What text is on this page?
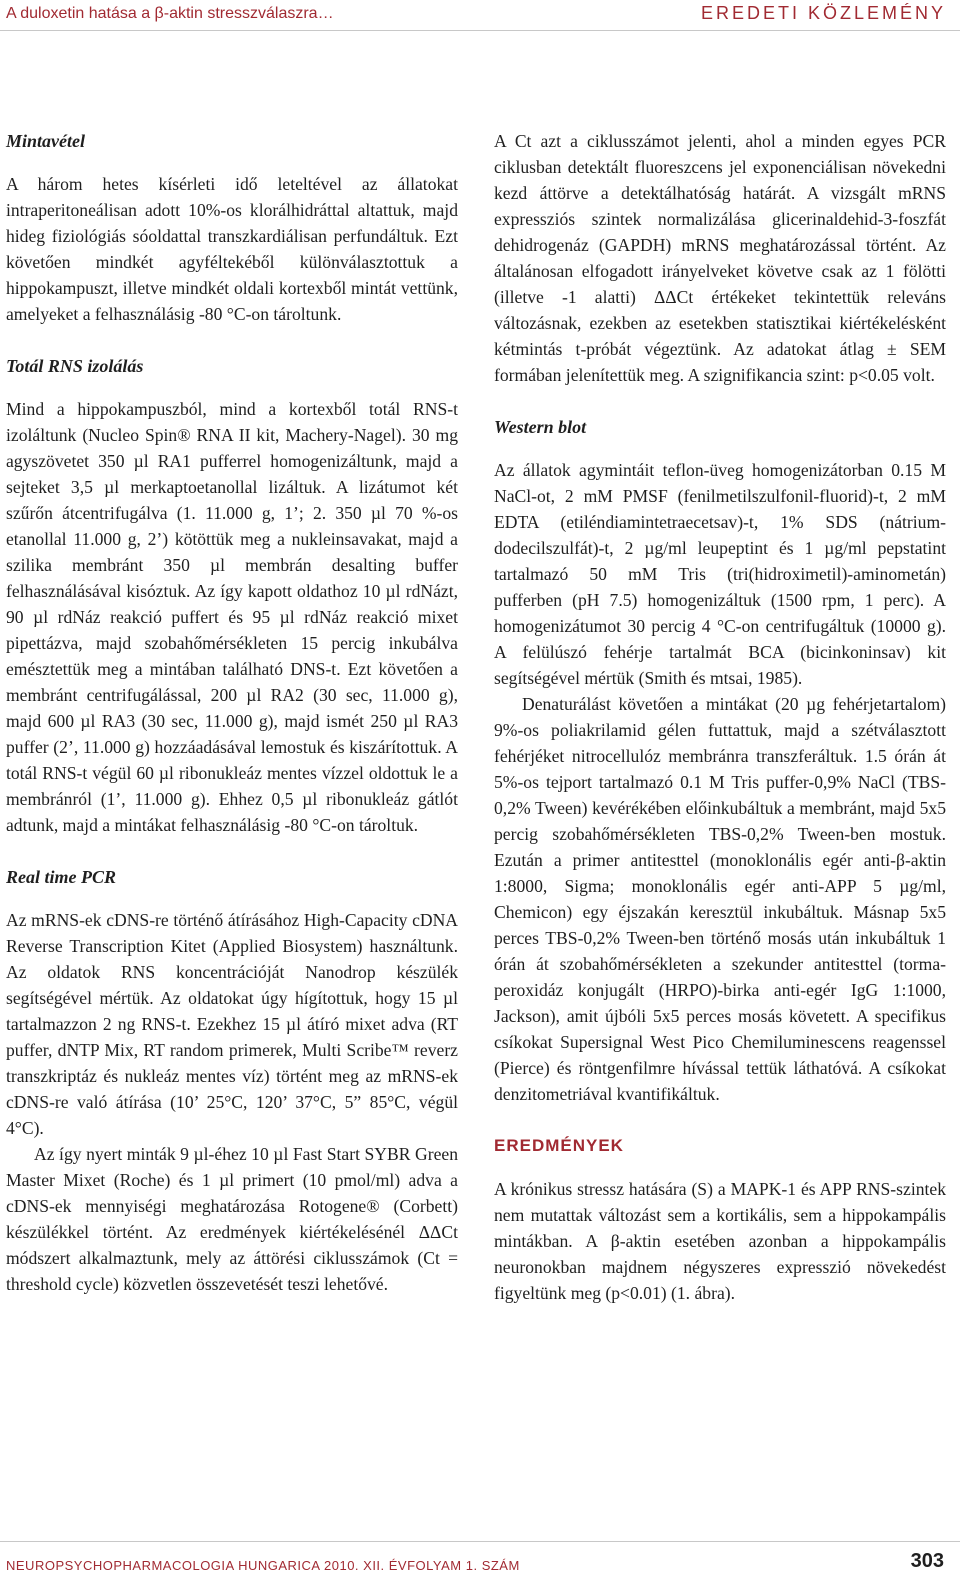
A duloxetin hatása a β-aktin stresszválaszra…	EREDETI KÖZLEMÉNY

Mintavétel

A három hetes kísérleti idő leteltével az állatokat intraperitoneálisan adott 10%-os klorálhidráttal altattuk, majd hideg fiziológiás sóoldattal transzkardiálisan perfundáltuk. Ezt követően mindkét agyféltekéből különválasztottuk a hippokampuszt, illetve mindkét oldali kortexből mintát vettünk, amelyeket a felhasználásig -80 °C-on tároltunk.

Totál RNS izolálás

Mind a hippokampuszból, mind a kortexből totál RNS-t izoláltunk (Nucleo Spin® RNA II kit, Machery-Nagel). 30 mg agyszövetet 350 µl RA1 pufferrel homogenizáltunk, majd a sejteket 3,5 µl merkaptoetanollal lizáltuk. A lizátumot két szűrőn átcentrifugálva (1. 11.000 g, 1’; 2. 350 µl 70 %-os etanollal 11.000 g, 2’) kötöttük meg a nukleinsavakat, majd a szilika membránt 350 µl membrán desalting buffer felhasználásával kisóztuk. Az így kapott oldathoz 10 µl rdNázt, 90 µl rdNáz reakció puffert és 95 µl rdNáz reakció mixet pipettázva, majd szobahőmérsékleten 15 percig inkubálva emésztettük meg a mintában található DNS-t. Ezt követően a membránt centrifugálással, 200 µl RA2 (30 sec, 11.000 g), majd 600 µl RA3 (30 sec, 11.000 g), majd ismét 250 µl RA3 puffer (2’, 11.000 g) hozzáadásával lemostuk és kiszárítottuk. A totál RNS-t végül 60 µl ribonukleáz mentes vízzel oldottuk le a membránról (1’, 11.000 g). Ehhez 0,5 µl ribonukleáz gátlót adtunk, majd a mintákat felhasználásig -80 °C-on tároltuk.

Real time PCR

Az mRNS-ek cDNS-re történő átírásához High-Capacity cDNA Reverse Transcription Kitet (Applied Biosystem) használtunk. Az oldatok RNS koncentrációját Nanodrop készülék segítségével mértük. Az oldatokat úgy hígítottuk, hogy 15 µl tartalmazzon 2 ng RNS-t. Ezekhez 15 µl átíró mixet adva (RT puffer, dNTP Mix, RT random primerek, Multi Scribe™ reverz transzkriptáz és nukleáz mentes víz) történt meg az mRNS-ek cDNS-re való átírása (10’ 25°C, 120’ 37°C, 5” 85°C, végül 4°C).

Az így nyert minták 9 µl-éhez 10 µl Fast Start SYBR Green Master Mixet (Roche) és 1 µl primert (10 pmol/ml) adva a cDNS-ek mennyiségi meghatározása Rotogene® (Corbett) készülékkel történt. Az eredmények kiértékelésénél ΔΔCt módszert alkalmaztunk, mely az áttörési ciklusszámok (Ct = threshold cycle) közvetlen összevetését teszi lehetővé.

A Ct azt a ciklusszámot jelenti, ahol a minden egyes PCR ciklusban detektált fluoreszcens jel exponenciálisan növekedni kezd áttörve a detektálhatóság határát. A vizsgált mRNS expressziós szintek normalizálása glicerinaldehid-3-foszfát dehidrogenáz (GAPDH) mRNS meghatározással történt. Az általánosan elfogadott irányelveket követve csak az 1 fölötti (illetve -1 alatti) ΔΔCt értékeket tekintettük releváns változásnak, ezekben az esetekben statisztikai kiértékelésként kétmintás t-próbát végeztünk. Az adatokat átlag ± SEM formában jelenítettük meg. A szignifikancia szint: p<0.05 volt.

Western blot

Az állatok agymintáit teflon-üveg homogenizátorban 0.15 M NaCl-ot, 2 mM PMSF (fenilmetilszulfonil-fluorid)-t, 2 mM EDTA (etiléndiamintetraecetsav)-t, 1% SDS (nátrium-dodecilszulfát)-t, 2 µg/ml leupeptint és 1 µg/ml pepstatint tartalmazó 50 mM Tris (tri(hidroximetil)-aminometán) pufferben (pH 7.5) homogenizáltuk (1500 rpm, 1 perc). A homogenizátumot 30 percig 4 °C-on centrifugáltuk (10000 g). A felülúszó fehérje tartalmát BCA (bicinkoninsav) kit segítségével mértük (Smith és mtsai, 1985).

Denaturálást követően a mintákat (20 µg fehérjetartalom) 9%-os poliakrilamid gélen futtattuk, majd a szétválasztott fehérjéket nitrocellulóz membránra transzferáltuk. 1.5 órán át 5%-os tejport tartalmazó 0.1 M Tris puffer-0,9% NaCl (TBS-0,2% Tween) kevérékében előinkubáltuk a membránt, majd 5x5 percig szobahőmérsékleten TBS-0,2% Tween-ben mostuk. Ezután a primer antitesttel (monoklonális egér anti-β-aktin 1:8000, Sigma; monoklonális egér anti-APP 5 µg/ml, Chemicon) egy éjszakán keresztül inkubáltuk. Másnap 5x5 perces TBS-0,2% Tween-ben történő mosás után inkubáltuk 1 órán át szobahőmérsékleten a szekunder antitesttel (torma-peroxidáz konjugált (HRPO)-birka anti-egér IgG 1:1000, Jackson), amit újbóli 5x5 perces mosás követett. A specifikus csíkokat Supersignal West Pico Chemiluminescens reagenssel (Pierce) és röntgenfilmre hívással tettük láthatóvá. A csíkokat denzitometriával kvantifikáltuk.

EREDMÉNYEK

A krónikus stressz hatására (S) a MAPK-1 és APP RNS-szintek nem mutattak változást sem a kortikális, sem a hippokampális mintákban. A β-aktin esetében azonban a hippokampális neuronokban majdnem négyszeres expresszió növekedést figyeltünk meg (p<0.01) (1. ábra).

NEUROPSYCHOPHARMACOLOGIA HUNGARICA 2010. XII. ÉVFOLYAM 1. SZÁM	303
